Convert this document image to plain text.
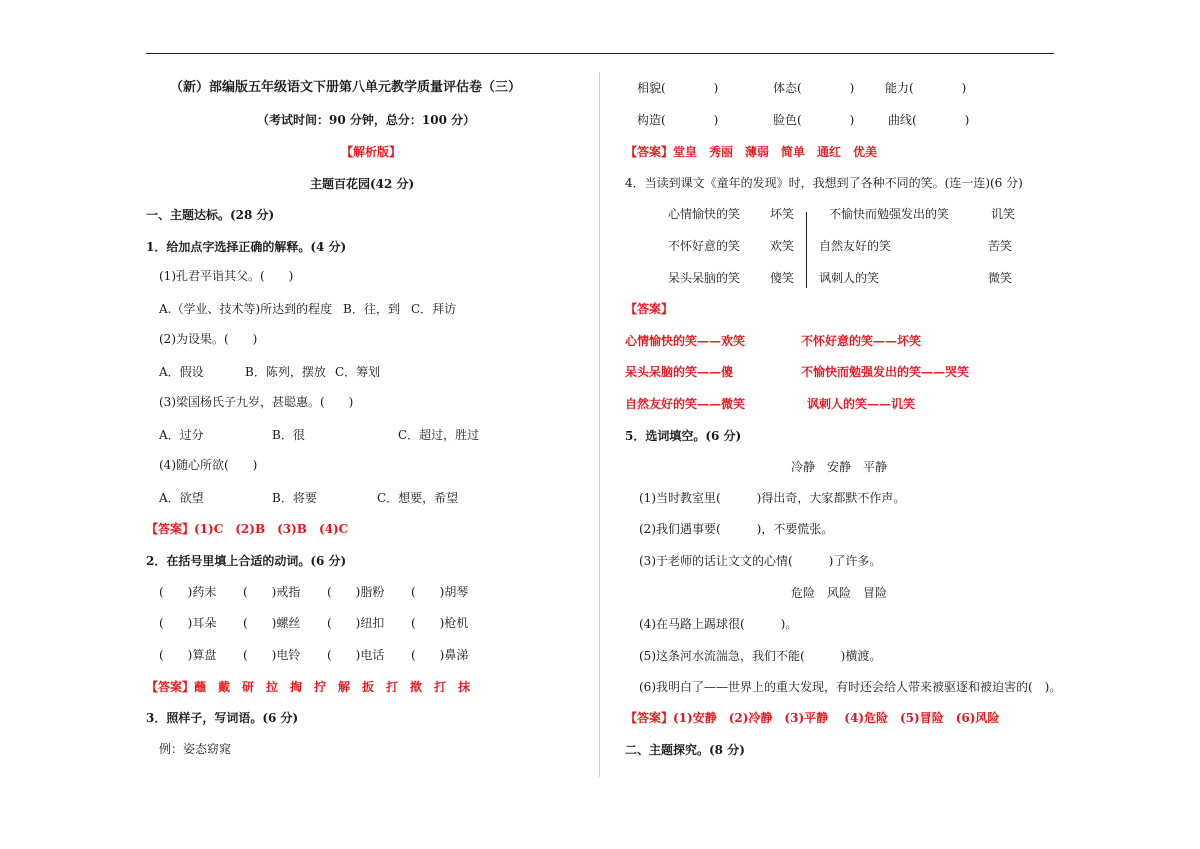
（新）部编版五年级语文下册第八单元教学质量评估卷（三）
（考试时间：90 分钟，总分：100 分）
【解析版】
主题百花园(42 分)
一、主题达标。(28 分)
1．给加点字选择正确的解释。(4 分)
(1)孔君平诣其父。(　　)
A.（学业、技术等)所达到的程度 B．往，到 C．拜访
(2)为设果。(　　)
A．假设	B．陈列，摆放 C．筹划
(3)梁国杨氏子九岁，甚聪惠。(　　)
A．过分	B．很	C．超过，胜过
(4)随心所欲(　　)
A．欲望	B．将要	C．想要，希望
【答案】(1)C　(2)B　(3)B　(4)C
2．在括号里填上合适的动词。(6 分)
(　　)药末 (　　)戒指 (　　)脂粉 (　　)胡琴
(　　)耳朵 (　　)螺丝 (　　)纽扣 (　　)枪机
(　　)算盘 (　　)电铃 (　　)电话 (　　)鼻涕
【答案】蘸　戴　研　拉　掏　拧　解　扳　打　揿　打　抹
3．照样子，写词语。(6 分)
例：姿态窈窕
相貌(　　　　)	体态(　　　　)	能力(　　　　)
构造(　　　　)	脸色(　　　　)	曲线(　　　　)
【答案】堂皇　秀丽　薄弱　简单　通红　优美
4．当读到课文《童年的发现》时，我想到了各种不同的笑。(连一连)(6 分)
心情愉快的笑 坏笑	不愉快而勉强发出的笑	讥笑
不怀好意的笑 欢笑 自然友好的笑	苦笑
呆头呆脑的笑 傻笑 讽刺人的笑	微笑
【答案】
心情愉快的笑——欢笑	不怀好意的笑——坏笑
呆头呆脑的笑——傻	不愉快而勉强发出的笑——哭笑
自然友好的笑——微笑	讽刺人的笑——讥笑
5．选词填空。(6 分)
冷静　安静　平静
(1)当时教室里(　　　)得出奇，大家都默不作声。
(2)我们遇事要(　　　)，不要慌张。
(3)于老师的话让文文的心情(　　　)了许多。
危险　风险　冒险
(4)在马路上踢球很(　　　)。
(5)这条河水流湍急，我们不能(　　　)横渡。
(6)我明白了——世界上的重大发现，有时还会给人带来被驱逐和被迫害的(　)。
【答案】(1)安静　(2)冷静　(3)平静　 (4)危险　(5)冒险　(6)风险
二、主题探究。(8 分)
